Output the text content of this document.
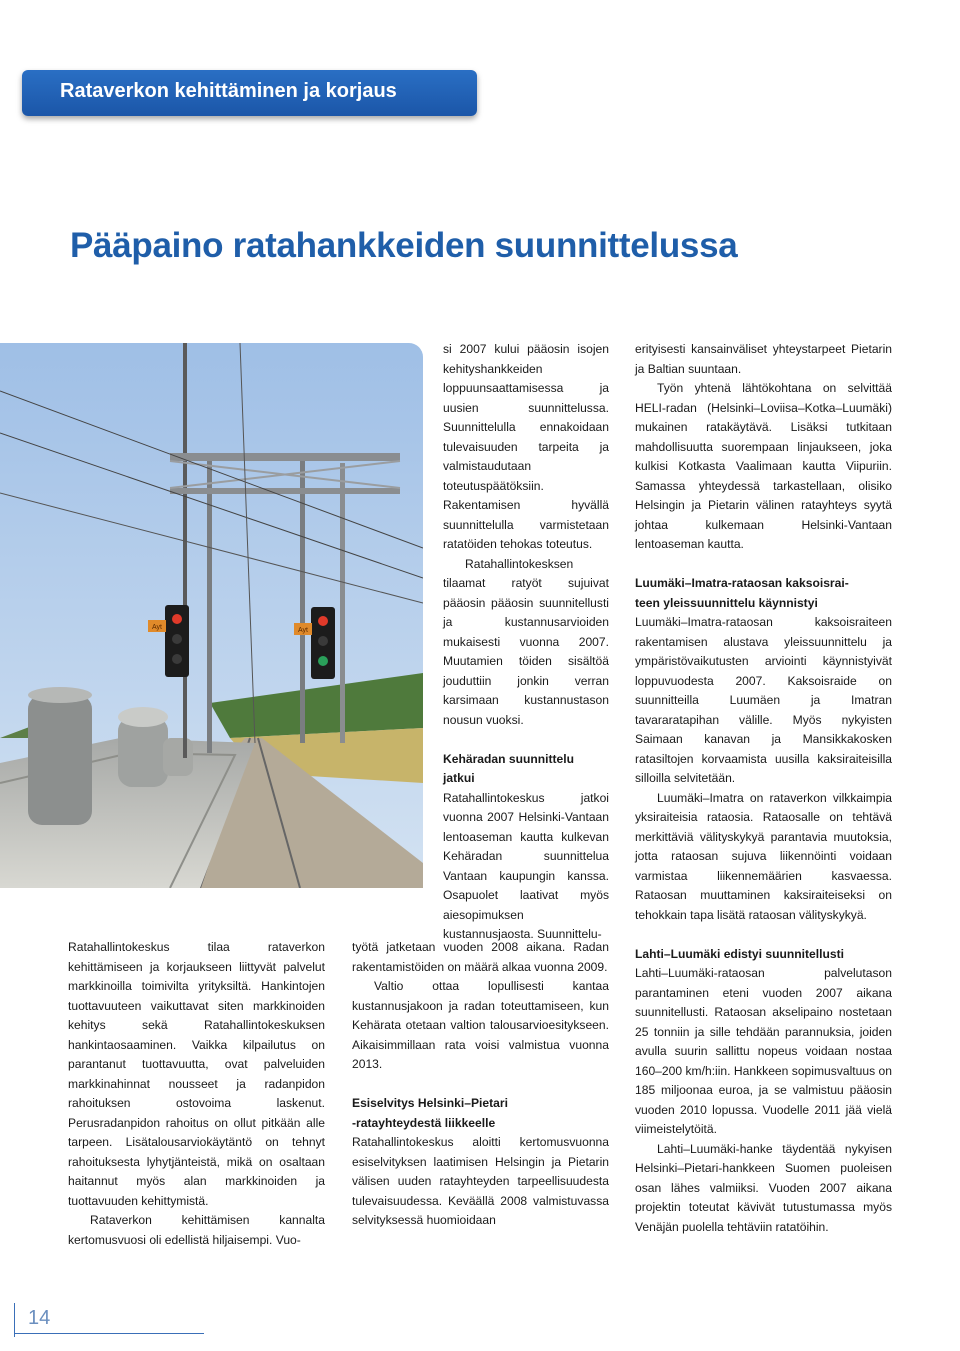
Rataverkon kehittäminen ja korjaus
Pääpaino ratahankkeiden suunnittelussa
Ayt	Ayt

Ratahallintokeskus tilaa rataverkon kehittämiseen ja korjaukseen liittyvät palvelut markkinoilla toimivilta yrityksiltä. Hankintojen tuottavuuteen vaikuttavat siten markkinoiden kehitys sekä Ratahallintokeskuksen hankintaosaaminen. Vaikka kilpailutus on parantanut tuottavuutta, ovat palveluiden markkinahinnat nousseet ja radanpidon rahoituksen ostovoima laskenut. Perusradanpidon rahoitus on ollut pitkään alle tarpeen. Lisätalousarviokäytäntö on tehnyt rahoituksesta lyhytjänteistä, mikä on osaltaan haitannut myös alan markkinoiden ja tuottavuuden kehittymistä.

Rataverkon kehittämisen kannalta kertomusvuosi oli edellistä hiljaisempi. Vuo-

si 2007 kului pääosin isojen kehityshankkeiden loppuunsaattamisessa ja uusien suunnittelussa. Suunnittelulla ennakoidaan tulevaisuuden tarpeita ja valmistaudutaan toteutuspäätöksiin. Rakentamisen hyvällä suunnittelulla varmistetaan ratatöiden tehokas toteutus.

Ratahallintokesksen tilaamat ratyöt sujuivat pääosin pääosin suunnitellusti ja kustannusarvioiden mukaisesti vuonna 2007. Muutamien töiden sisältöä jouduttiin jonkin verran karsimaan kustannustason nousun vuoksi.

Kehäradan suunnittelu
jatkui

Ratahallintokeskus jatkoi vuonna 2007 Helsinki-Vantaan lentoaseman kautta kulkevan Kehäradan suunnittelua Vantaan kaupungin kanssa. Osapuolet laativat myös aiesopimuksen kustannusjaosta. Suunnittelu-

työtä jatketaan vuoden 2008 aikana. Radan rakentamistöiden on määrä alkaa vuonna 2009.

Valtio ottaa lopullisesti kantaa kustannusjakoon ja radan toteuttamiseen, kun Kehärata otetaan valtion talousarvioesitykseen. Aikaisimmillaan rata voisi valmistua vuonna 2013.

Esiselvitys Helsinki–Pietari
-ratayhteydestä liikkeelle

Ratahallintokeskus aloitti kertomusvuonna esiselvityksen laatimisen Helsingin ja Pietarin välisen uuden ratayhteyden tarpeellisuudesta tulevaisuudessa. Keväällä 2008 valmistuvassa selvityksessä huomioidaan

erityisesti kansainväliset yhteystarpeet Pietarin ja Baltian suuntaan.

Työn yhtenä lähtökohtana on selvittää HELI-radan (Helsinki–Loviisa–Kotka–Luumäki) mukainen ratakäytävä. Lisäksi tutkitaan mahdollisuutta suorempaan linjaukseen, joka kulkisi Kotkasta Vaalimaan kautta Viipuriin. Samassa yhteydessä tarkastellaan, olisiko Helsingin ja Pietarin välinen ratayhteys syytä johtaa kulkemaan Helsinki-Vantaan lentoaseman kautta.

Luumäki–Imatra-rataosan kaksoisrai-
teen yleissuunnittelu käynnistyi

Luumäki–Imatra-rataosan kaksoisraiteen rakentamisen alustava yleissuunnittelu ja ympäristövaikutusten arviointi käynnistyivät loppuvuodesta 2007. Kaksoisraide on suunnitteilla Luumäen ja Imatran tavararatapihan välille. Myös nykyisten Saimaan kanavan ja Mansikkakosken ratasiltojen korvaamista uusilla kaksiraiteisilla silloilla selvitetään.

Luumäki–Imatra on rataverkon vilkkaimpia yksiraiteisia rataosia. Rataosalle on tehtävä merkittäviä välityskykyä parantavia muutoksia, jotta rataosan sujuva liikennöinti voidaan varmistaa liikennemäärien kasvaessa. Rataosan muuttaminen kaksiraiteiseksi on tehokkain tapa lisätä rataosan välityskykyä.

Lahti–Luumäki edistyi suunnitellusti

Lahti–Luumäki-rataosan palvelutason parantaminen eteni vuoden 2007 aikana suunnitellusti. Rataosan akselipaino nostetaan 25 tonniin ja sille tehdään parannuksia, joiden avulla suurin sallittu nopeus voidaan nostaa 160–200 km/h:iin. Hankkeen sopimusvaltuus on 185 miljoonaa euroa, ja se valmistuu pääosin vuoden 2010 lopussa. Vuodelle 2011 jää vielä viimeistelytöitä.

Lahti–Luumäki-hanke täydentää nykyisen Helsinki–Pietari-hankkeen Suomen puoleisen osan lähes valmiiksi. Vuoden 2007 aikana projektin toteutat kävivät tutustumassa myös Venäjän puolella tehtäviin ratatöihin.

14
